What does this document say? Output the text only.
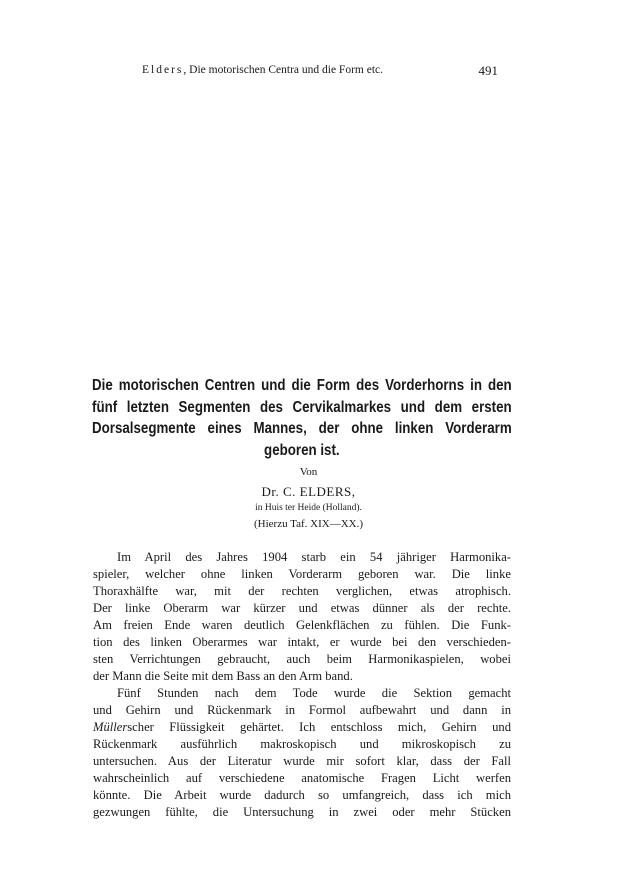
Elders, Die motorischen Centra und die Form etc.	491
Die motorischen Centren und die Form des Vorderhorns in den fünf letzten Segmenten des Cervikalmarkes und dem ersten Dorsalsegmente eines Mannes, der ohne linken Vorderarm geboren ist.
Von
Dr. C. ELDERS,
in Huis ter Heide (Holland).
(Hierzu Taf. XIX—XX.)
Im April des Jahres 1904 starb ein 54 jähriger Harmonika-
spieler, welcher ohne linken Vorderarm geboren war. Die linke
Thoraxhälfte war, mit der rechten verglichen, etwas atrophisch.
Der linke Oberarm war kürzer und etwas dünner als der rechte.
Am freien Ende waren deutlich Gelenkflächen zu fühlen. Die Funk-
tion des linken Oberarmes war intakt, er wurde bei den verschieden-
sten Verrichtungen gebraucht, auch beim Harmonikaspielen, wobei
der Mann die Seite mit dem Bass an den Arm band.
Fünf Stunden nach dem Tode wurde die Sektion gemacht
und Gehirn und Rückenmark in Formol aufbewahrt und dann in
Müllerscher Flüssigkeit gehärtet. Ich entschloss mich, Gehirn und
Rückenmark ausführlich makroskopisch und mikroskopisch zu
untersuchen. Aus der Literatur wurde mir sofort klar, dass der Fall
wahrscheinlich auf verschiedene anatomische Fragen Licht werfen
könnte. Die Arbeit wurde dadurch so umfangreich, dass ich mich
gezwungen fühlte, die Untersuchung in zwei oder mehr Stücken
